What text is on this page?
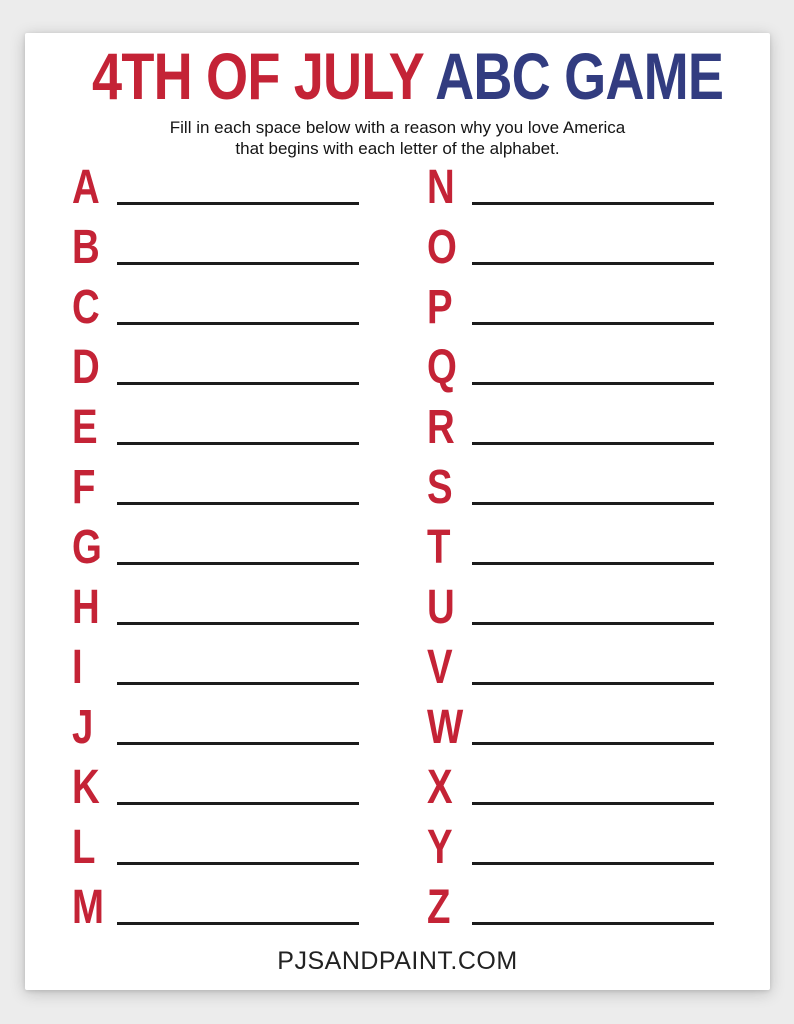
4TH OF JULY ABC GAME

Fill in each space below with a reason why you love America
that begins with each letter of the alphabet.

A
B
C
D
E
F
G
H
I
J
K
L
M
N
O
P
Q
R
S
T
U
V
W
X
Y
Z
PJSANDPAINT.COM
